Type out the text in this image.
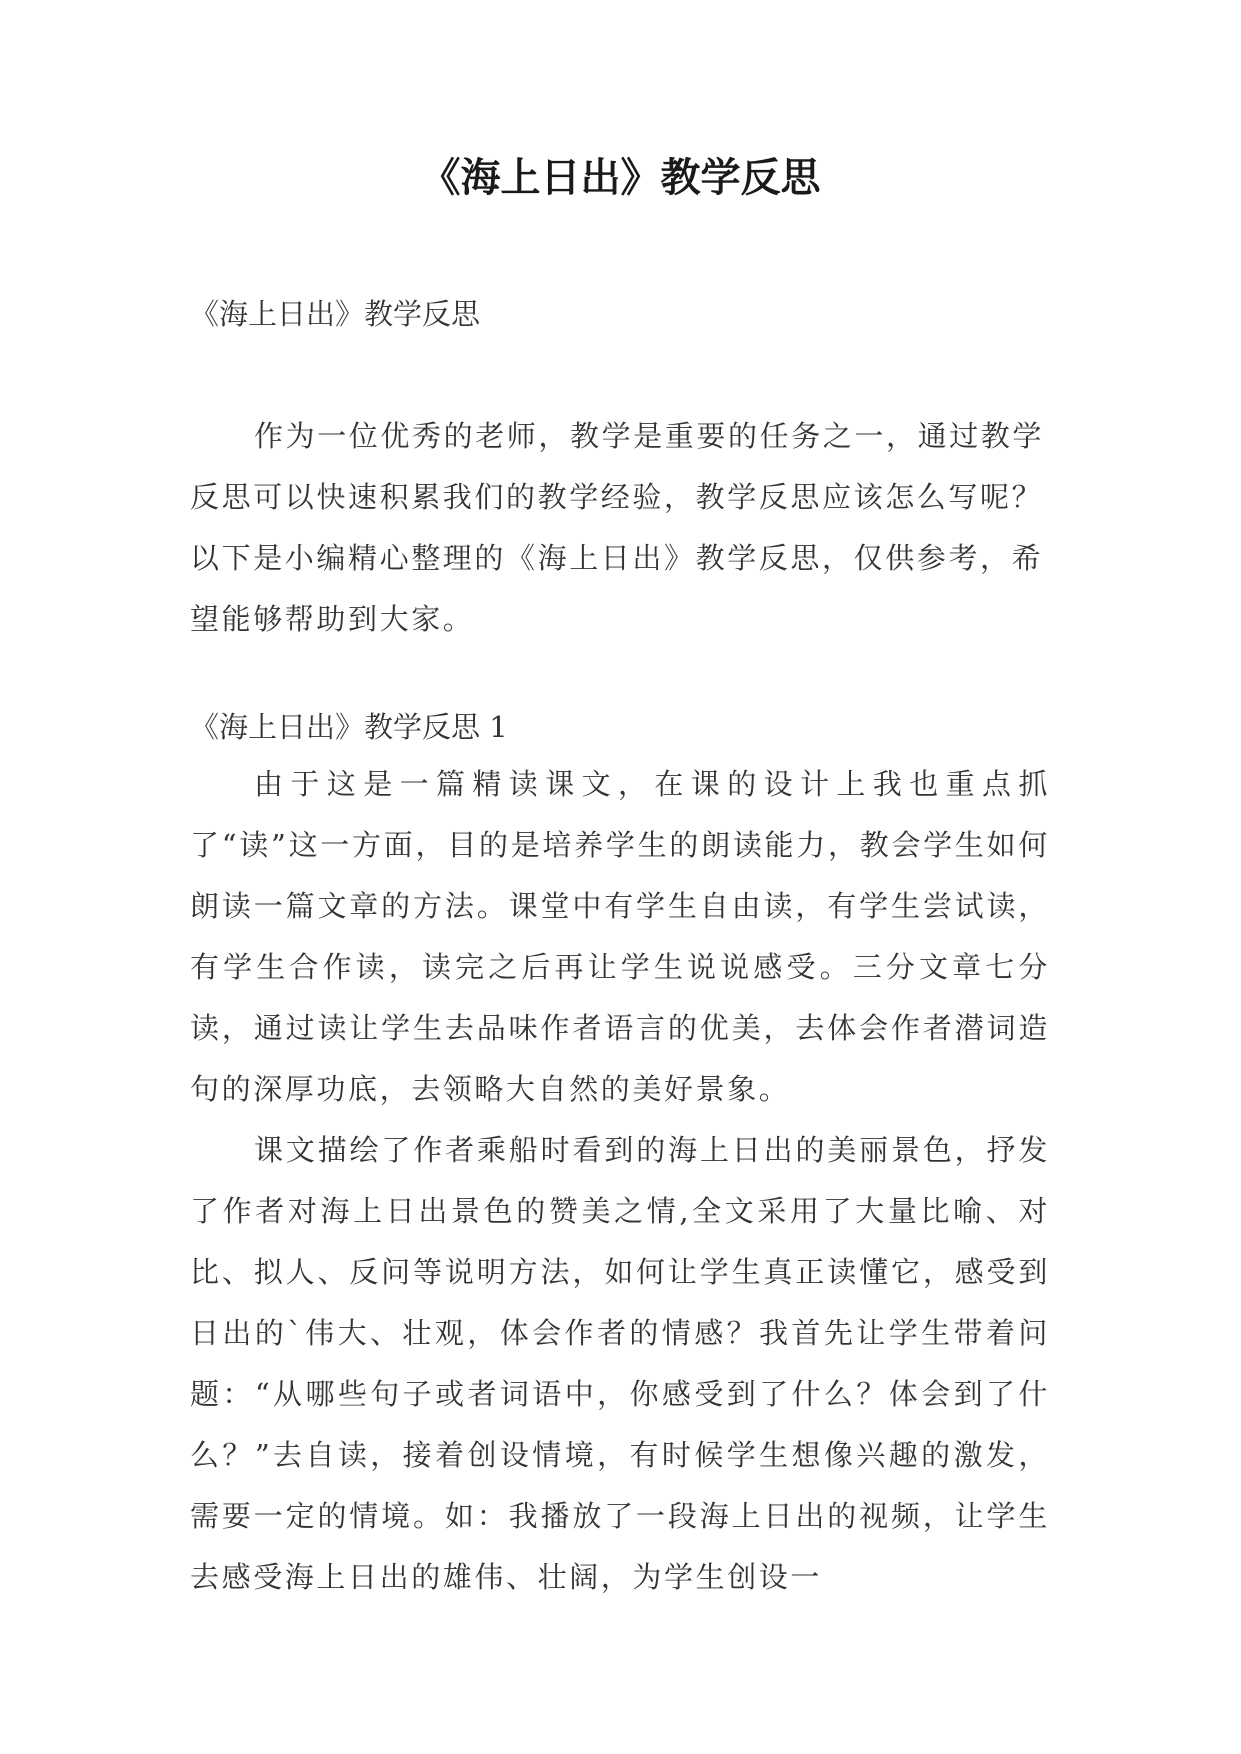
《海上日出》教学反思

《海上日出》教学反思

作为一位优秀的老师，教学是重要的任务之一，通过教学反思可以快速积累我们的教学经验，教学反思应该怎么写呢？以下是小编精心整理的《海上日出》教学反思，仅供参考，希望能够帮助到大家。

《海上日出》教学反思 1

由于这是一篇精读课文，在课的设计上我也重点抓了“读”这一方面，目的是培养学生的朗读能力，教会学生如何朗读一篇文章的方法。课堂中有学生自由读，有学生尝试读，有学生合作读，读完之后再让学生说说感受。三分文章七分读，通过读让学生去品味作者语言的优美，去体会作者潜词造句的深厚功底，去领略大自然的美好景象。

课文描绘了作者乘船时看到的海上日出的美丽景色，抒发了作者对海上日出景色的赞美之情,全文采用了大量比喻、对比、拟人、反问等说明方法，如何让学生真正读懂它，感受到日出的`伟大、壮观，体会作者的情感？我首先让学生带着问题：“从哪些句子或者词语中，你感受到了什么？体会到了什么？”去自读，接着创设情境，有时候学生想像兴趣的激发，需要一定的情境。如：我播放了一段海上日出的视频，让学生去感受海上日出的雄伟、壮阔，为学生创设一
